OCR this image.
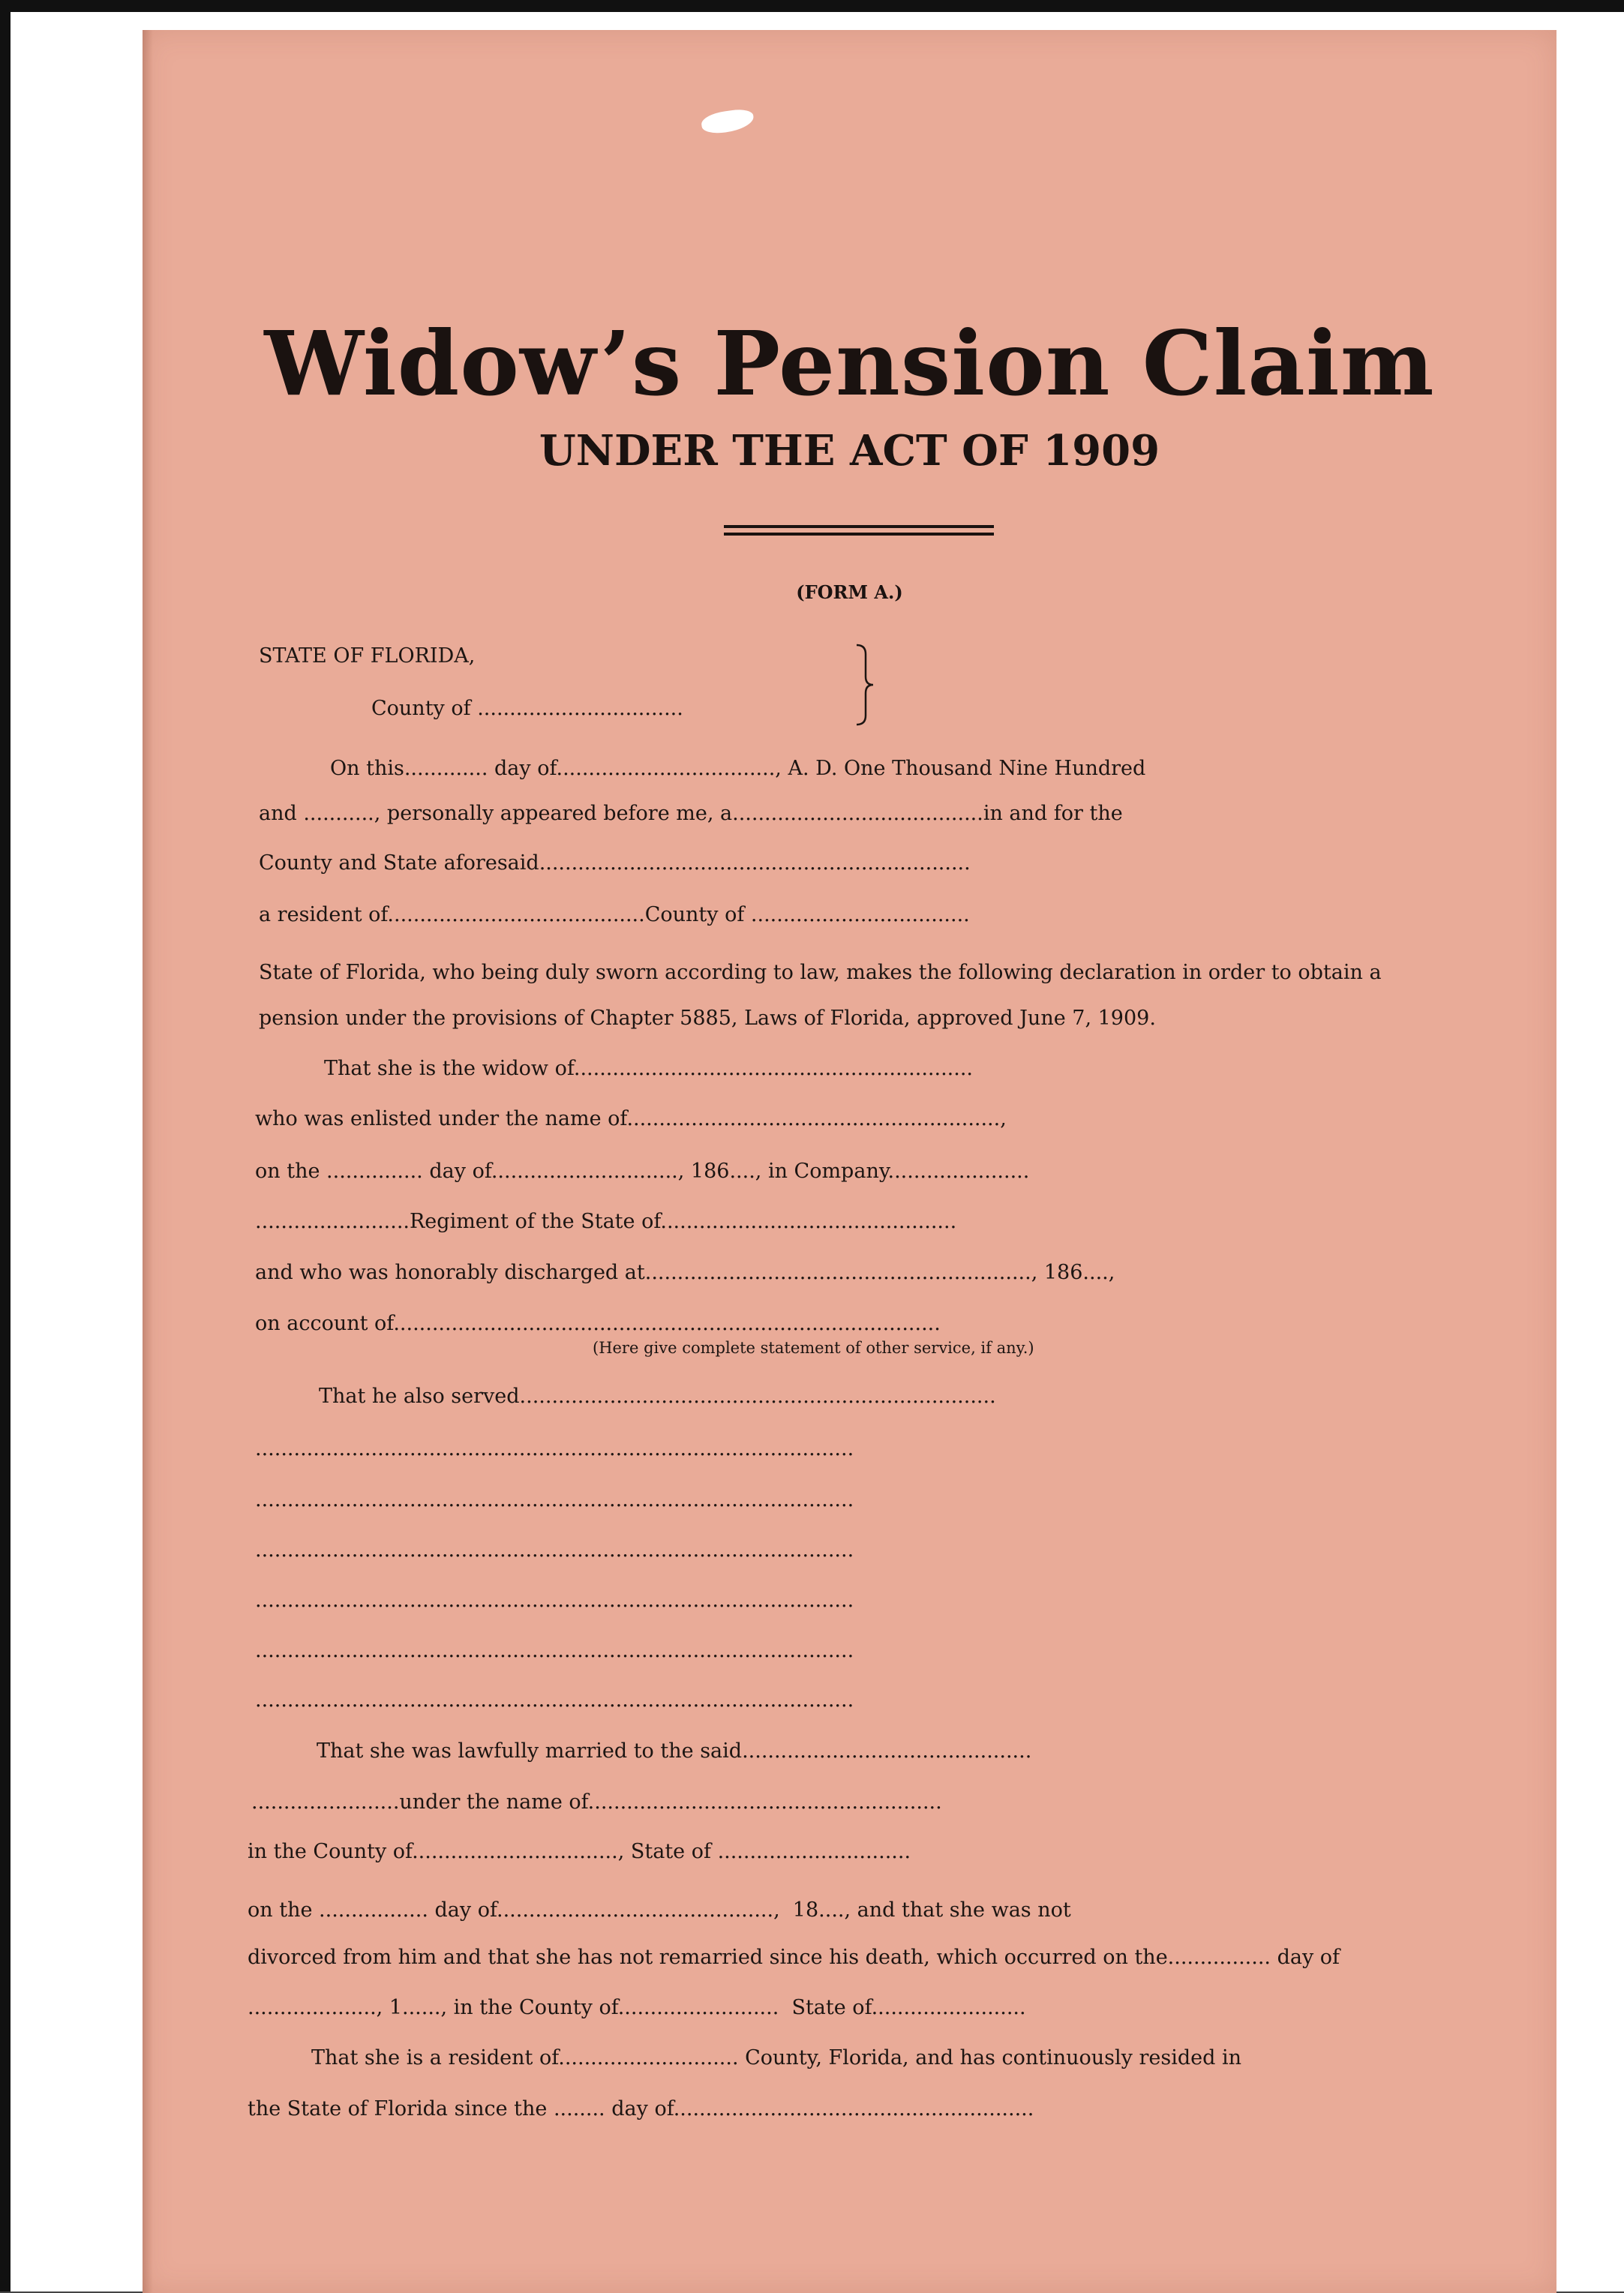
Widow’s Pension Claim
UNDER THE ACT OF 1909
(FORM A.)
STATE OF FLORIDA,
County of ................................
On this............. day of.................................., A. D. One Thousand Nine Hundred
and ..........., personally appeared before me, a.......................................in and for the
County and State aforesaid...................................................................
a resident of........................................County of ..................................
State of Florida, who being duly sworn according to law, makes the following declaration in order to obtain a
pension under the provisions of Chapter 5885, Laws of Florida, approved June 7, 1909.
That she is the widow of..............................................................
who was enlisted under the name of..........................................................,
on the ............... day of............................., 186...., in Company......................
........................Regiment of the State of..............................................
and who was honorably discharged at............................................................, 186....,
on account of.....................................................................................
(Here give complete statement of other service, if any.)
That he also served..........................................................................
.............................................................................................
.............................................................................................
.............................................................................................
.............................................................................................
.............................................................................................
.............................................................................................
That she was lawfully married to the said.............................................
.......................under the name of.......................................................
in the County of................................, State of ..............................
on the ................. day of...........................................,  18...., and that she was not
divorced from him and that she has not remarried since his death, which occurred on the................ day of
...................., 1......, in the County of.........................  State of........................
That she is a resident of............................ County, Florida, and has continuously resided in
the State of Florida since the ........ day of........................................................
